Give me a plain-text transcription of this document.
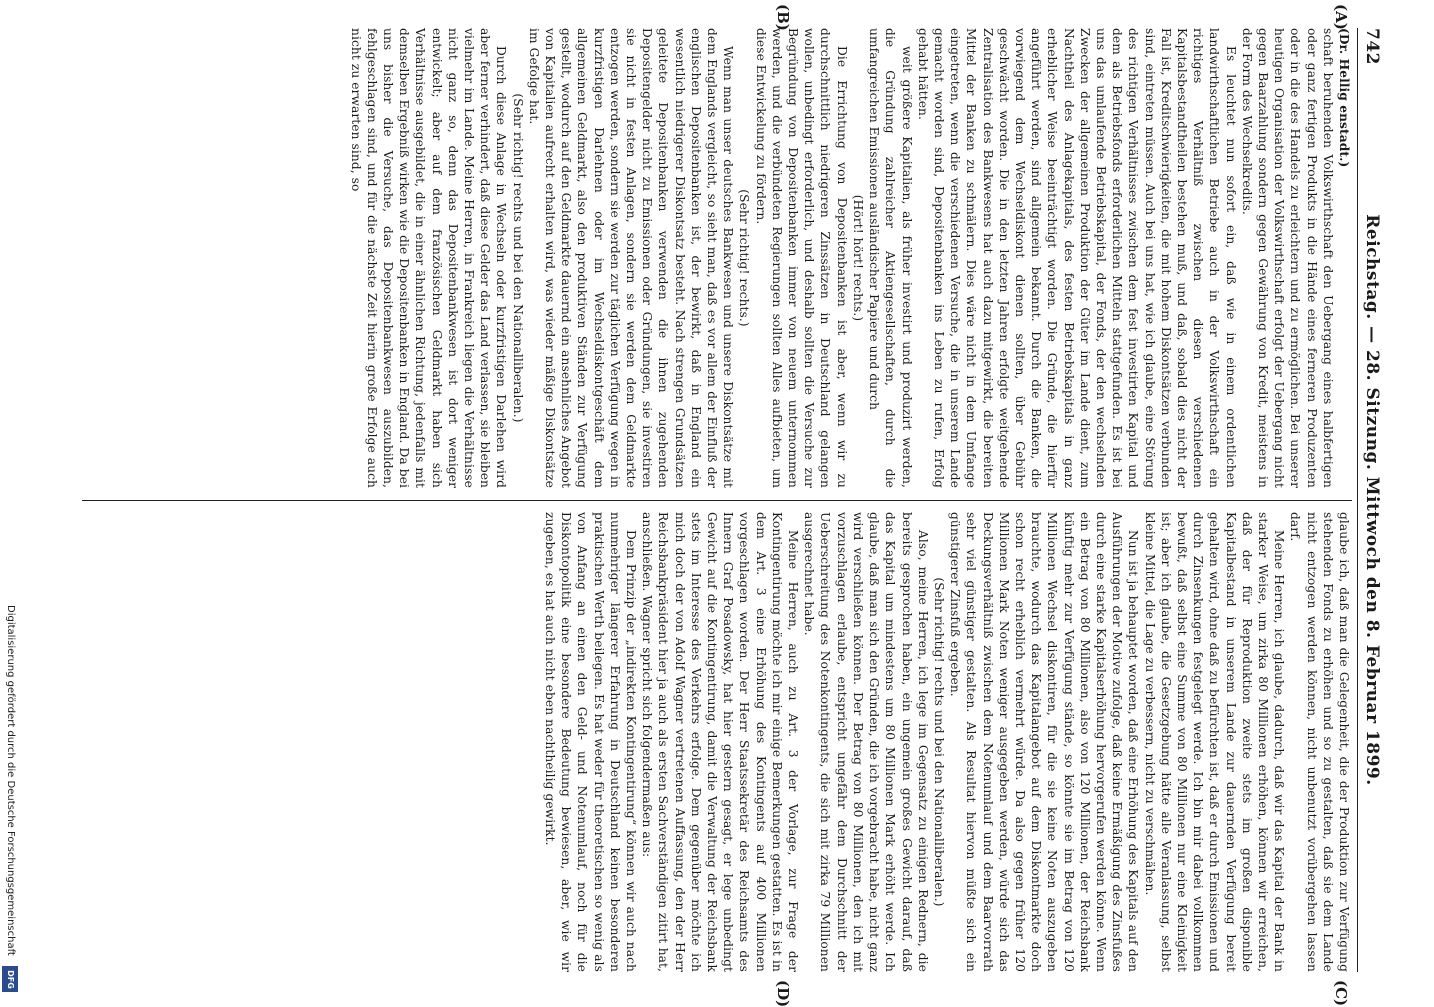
742
Reichstag. — 28. Sitzung. Mittwoch den 8. Februar 1899.
(A)
(B)
(C)
(D)

(Dr. Hellig enstadt.)

schaft beruhenden Volkswirthschaft den Uebergang eines halbfertigen oder ganz fertigen Produkts in die Hände eines ferneren Produzenten oder in die des Handels zu erleichtern und zu ermöglichen. Bei unserer heutigen Organisation der Volkswirthschaft erfolgt der Uebergang nicht gegen Baarzahlung sondern gegen Gewährung von Kredit, meistens in der Form des Wechselkredits.

Es leuchtet nun sofort ein, daß wie in einem ordentlichen landwirthschaftlichen Betriebe auch in der Volkswirthschaft ein richtiges Verhältniß zwischen diesen verschiedenen Kapitalsbestandtheilen bestehen muß, und daß, sobald dies nicht der Fall ist, Kreditschwierigkeiten, die mit hohem Diskontsätzen verbunden sind, eintreten müssen. Auch bei uns hat, wie ich glaube, eine Störung des richtigen Verhältnisses zwischen dem fest investirten Kapital und dem als Betriebsfonds erforderlichen Mitteln stattgefunden. Es ist bei uns das umlaufende Betriebskapital, der Fonds, der den wechselnden Zwecken der allgemeinen Produktion der Güter im Lande dient, zum Nachtheil des Anlagekapitals, des festen Betriebskapitals in ganz erheblicher Weise beeinträchtigt worden. Die Gründe, die hierfür angeführt werden, sind allgemein bekannt. Durch die Banken, die vorwiegend dem Wechseldiskont dienen sollten, über Gebühr geschwächt worden. Die in den letzten Jahren erfolgte weitgehende Zentralisation des Bankwesens hat auch dazu mitgewirkt, die bereiten Mittel der Banken zu schmälern. Dies wäre nicht in dem Umfange eingetreten, wenn die verschiedenen Versuche, die in unserem Lande gemacht worden sind, Depositenbanken ins Leben zu rufen, Erfolg gehabt hätten.

weit größere Kapitalien, als früher investirt und produzirt werden, die Gründung zahlreicher Aktiengesellschaften, durch die umfangreichen Emissionen ausländischer Papiere und durch

(Hört! hört! rechts.)

Die Errichtung von Depositenbanken ist aber, wenn wir zu durchschnittlich niedrigeren Zinssätzen in Deutschland gelangen wollen, unbedingt erforderlich, und deshalb sollten die Versuche zur Begründung von Depositenbanken immer von neuem unternommen werden, und die verbündeten Regierungen sollten Alles aufbieten, um diese Entwickelung zu fördern.

(Sehr richtig! rechts.)

Wenn man unser deutsches Bankwesen und unsere Diskontsätze mit dem Englands vergleicht, so sieht man, daß es vor allem der Einfluß der englischen Depositenbanken ist, der bewirkt, daß in England ein wesentlich niedrigerer Diskontsatz besteht. Nach strengen Grundsätzen geleitete Depositenbanken verwenden die ihnen zugehenden Depositengelder nicht zu Emissionen oder Gründungen, sie investiren sie nicht in festen Anlagen, sondern sie werden dem Geldmarkte entzogen werden, sondern sie werden zur täglichen Verfügung wegen in kurzfristigen Darlehnen oder im Wechseldiskontgeschäft dem allgemeinen Geldmarkt, also den produktiven Ständen zur Verfügung gestellt, wodurch auf den Geldmarkte dauernd ein ansehnliches Angebot von Kapitalien aufrecht erhalten wird, was wieder mäßige Diskontsätze im Gefolge hat.

(Sehr richtig! rechts und bei den Nationalliberalen.)

Durch diese Anlage in Wechseln oder kurzfristigen Darlehen wird aber ferner verhindert, daß diese Gelder das Land verlassen, sie bleiben vielmehr im Lande. Meine Herren, in Frankreich liegen die Verhältnisse nicht ganz so, denn das Depositenbankwesen ist dort weniger entwickelt; aber auf dem französischen Geldmarkt haben sich Verhältnisse ausgebildet, die in einer ähnlichen Richtung, jedenfalls mit demselben Ergebniß wirken wie die Depositenbanken in England. Da bei uns bisher die Versuche, das Depositenbankwesen auszubilden, fehlgeschlagen sind, und für die nächste Zeit hierin große Erfolge auch nicht zu erwarten sind, so

glaube ich, daß man die Gelegenheit, die der Produktion zur Verfügung stehenden Fonds zu erhöhen und so zu gestalten, daß sie dem Lande nicht entzogen werden können, nicht unbenutzt vorübergehen lassen darf.

Meine Herren, ich glaube, dadurch, daß wir das Kapital der Bank in starker Weise, um zirka 80 Millionen erhöhen, können wir erreichen, daß der für Reproduktion zweite stets im großen disponible Kapitalbestand in unserem Lande zur dauernden Verfügung bereit gehalten wird, ohne daß zu befürchten ist, daß er durch Emissionen und durch Zinsenkungen festgelegt werde. Ich bin mir dabei vollkommen bewußt, daß selbst eine Summe von 80 Millionen nur eine Kleinigkeit ist; aber ich glaube, die Gesetzgebung hätte alle Veranlassung, selbst kleine Mittel, die Lage zu verbessern, nicht zu verschmähen.

Nun ist ja behauptet worden, daß eine Erhöhung des Kapitals auf den Ausführungen der Motive zufolge, daß keine Ermäßigung des Zinsfußes durch eine starke Kapitalserhöhung hervorgerufen werden könne. Wenn ein Betrag von 80 Millionen, also von 120 Millionen, der Reichsbank künftig mehr zur Verfügung stände, so könnte sie im Betrag von 120 Millionen Wechsel diskontiren, für die sie keine Noten auszugeben brauchte, wodurch das Kapitalangebot auf dem Diskontmarkte doch schon recht erheblich vermehrt würde. Da also gegen früher 120 Millionen Mark Noten weniger ausgegeben werden, würde sich das Deckungsverhältniß zwischen dem Notenumlauf und dem Baarvorrath sehr viel günstiger gestalten. Als Resultat hiervon müßte sich ein günstigerer Zinsfuß ergeben.

(Sehr richtig! rechts und bei den Nationalliberalen.)

Also, meine Herren, ich lege im Gegensatz zu einigen Rednern, die bereits gesprochen haben, ein ungemein großes Gewicht darauf, daß das Kapital um mindestens um 80 Millionen Mark erhöht werde. Ich glaube, daß man sich den Gründen, die ich vorgebracht habe, nicht ganz wird verschließen können. Der Betrag von 80 Millionen, den ich mit vorzuschlagen erlaube, entspricht ungefähr dem Durchschnitt der Ueberschreitung des Notenkontingents, die sich mit zirka 79 Millionen ausgerechnet habe.

Meine Herren, auch zu Art. 3 der Vorlage, zur Frage der Kontingentirung möchte ich mir einige Bemerkungen gestatten. Es ist in dem Art. 3 eine Erhöhung des Kontingents auf 400 Millionen vorgeschlagen worden. Der Herr Staatssekretär des Reichsamts des Innern Graf Posadowsky, hat hier gestern gesagt, er lege unbedingt Gewicht auf die Kontingentirung, damit die Verwaltung der Reichsbank stets im Interesse des Verkehrs erfolge. Dem gegenüber möchte ich mich doch der von Adolf Wagner vertretenen Auffassung, den der Herr Reichsbankpräsident hier ja auch als ersten Sachverständigen zitirt hat, anschließen. Wagner spricht sich folgendermaßen aus:

Dem Prinzip der „indirekten Kontingentirung“ können wir auch nach nunmehriger längerer Erfahrung in Deutschland keinen besonderen praktischen Werth beilegen. Es hat weder für theoretischen so wenig als von Anfang an einen den Geld- und Notenumlauf, noch für die Diskontopolitik eine besondere Bedeutung bewiesen, aber, wie wir zugeben, es hat auch nicht eben nachtheilig gewirkt.

Digitalisierung gefördert durch die Deutsche Forschungsgemeinschaft
DFG
